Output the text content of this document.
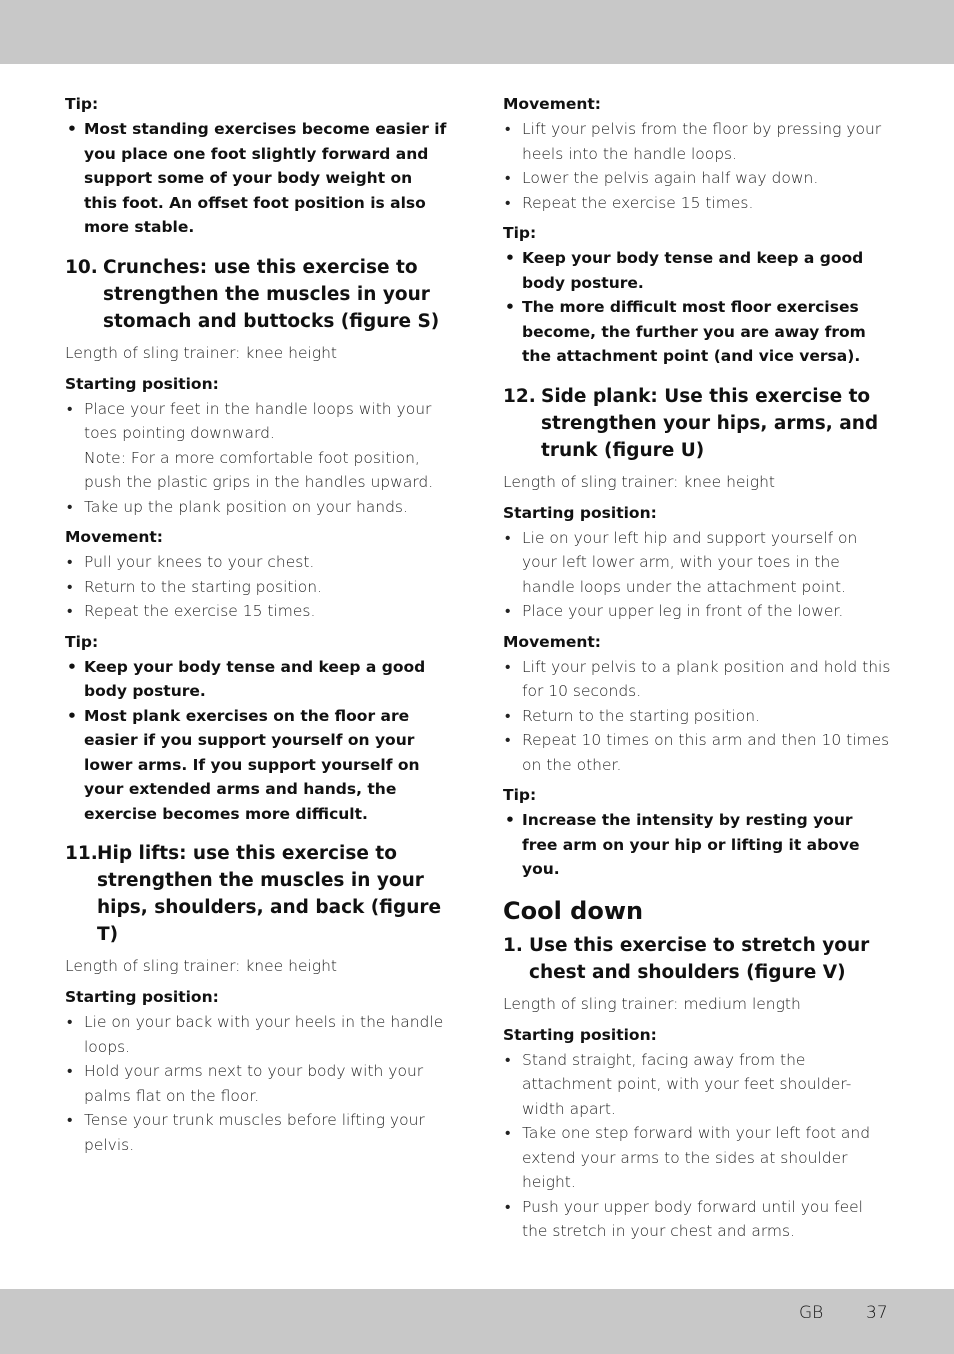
Tip:

• Most standing exercises become easier if you place one foot slightly forward and support some of your body weight on this foot. An offset foot position is also more stable.
10. Crunches: use this exercise to strengthen the muscles in your stomach and buttocks (figure S)

Length of sling trainer: knee height

Starting position:

• Place your feet in the handle loops with your toes pointing downward.
Note: For a more comfortable foot position, push the plastic grips in the handles upward.
• Take up the plank position on your hands.

Movement:

• Pull your knees to your chest.
• Return to the starting position.
• Repeat the exercise 15 times.

Tip:

• Keep your body tense and keep a good body posture.
• Most plank exercises on the floor are easier if you support yourself on your lower arms. If you support yourself on your extended arms and hands, the exercise becomes more difficult.
11. Hip lifts: use this exercise to strengthen the muscles in your hips, shoulders, and back (figure T)

Length of sling trainer: knee height

Starting position:

• Lie on your back with your heels in the handle loops.
• Hold your arms next to your body with your palms flat on the floor.
• Tense your trunk muscles before lifting your pelvis.

Movement:

• Lift your pelvis from the floor by pressing your heels into the handle loops.
• Lower the pelvis again half way down.
• Repeat the exercise 15 times.

Tip:

• Keep your body tense and keep a good body posture.
• The more difficult most floor exercises become, the further you are away from the attachment point (and vice versa).
12. Side plank: Use this exercise to strengthen your hips, arms, and trunk (figure U)

Length of sling trainer: knee height

Starting position:

• Lie on your left hip and support yourself on your left lower arm, with your toes in the handle loops under the attachment point.
• Place your upper leg in front of the lower.

Movement:

• Lift your pelvis to a plank position and hold this for 10 seconds.
• Return to the starting position.
• Repeat 10 times on this arm and then 10 times on the other.

Tip:

• Increase the intensity by resting your free arm on your hip or lifting it above you.

Cool down

1. Use this exercise to stretch your chest and shoulders (figure V)

Length of sling trainer: medium length

Starting position:

• Stand straight, facing away from the attachment point, with your feet shoulder-width apart.
• Take one step forward with your left foot and extend your arms to the sides at shoulder height.
• Push your upper body forward until you feel the stretch in your chest and arms.
GB	37
